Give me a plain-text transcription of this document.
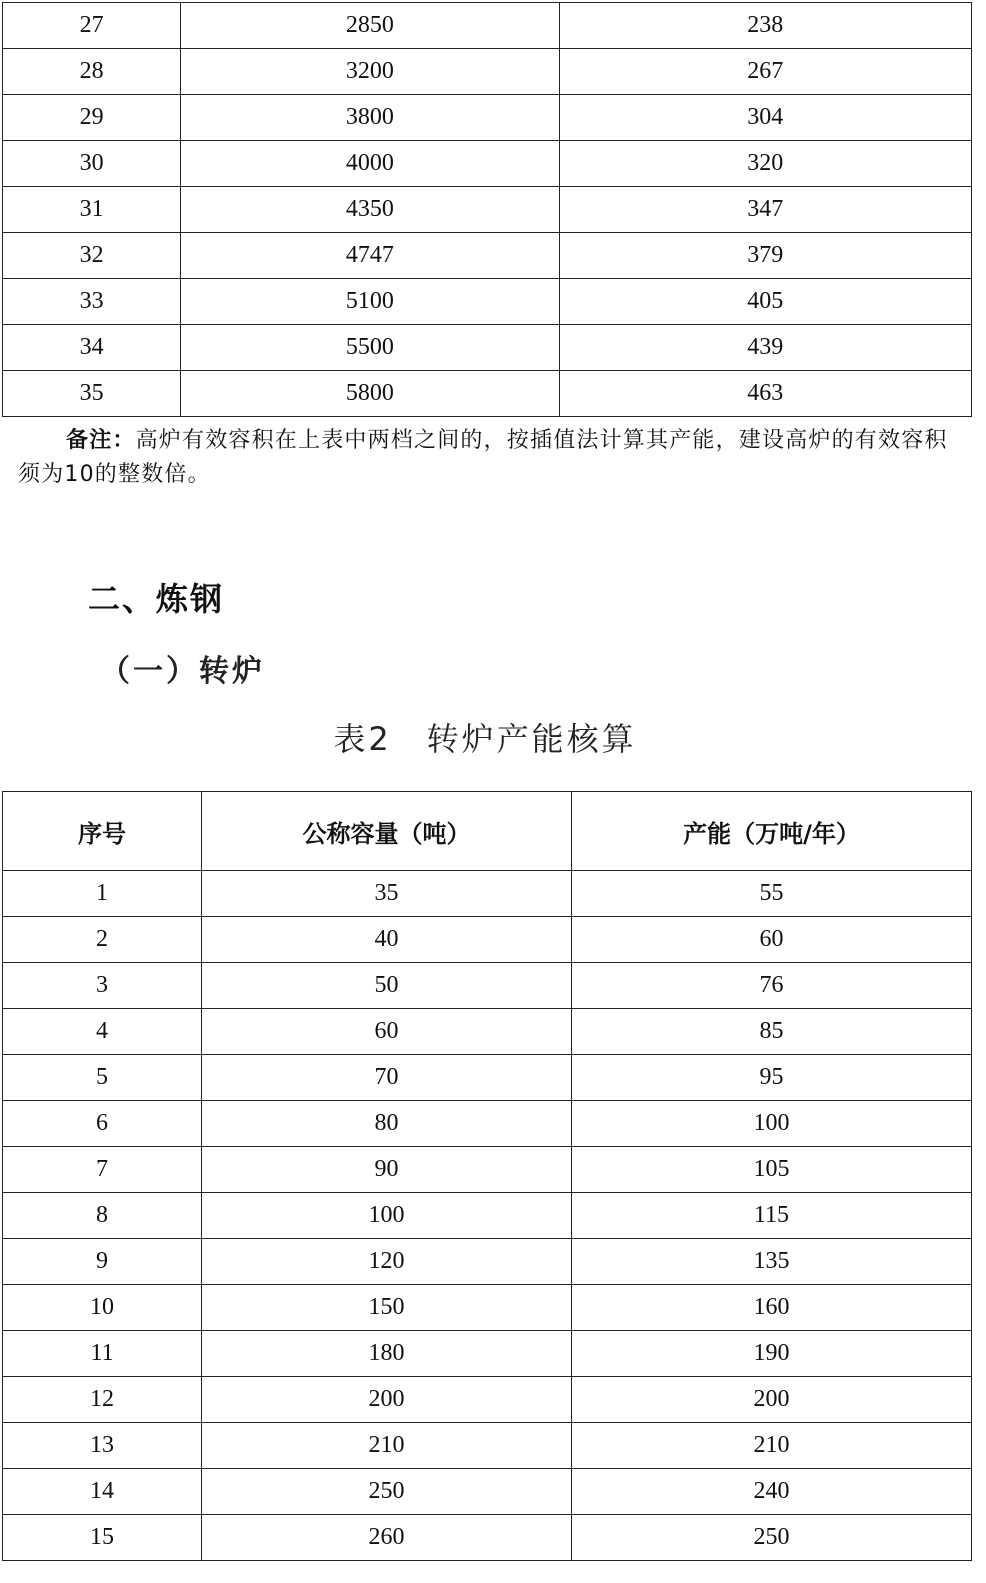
27	2850	238
28	3200	267
29	3800	304
30	4000	320
31	4350	347
32	4747	379
33	5100	405
34	5500	439
35	5800	463

备注：高炉有效容积在上表中两档之间的，按插值法计算其产能，建设高炉的有效容积须为10的整数倍。

二、炼钢
（一）转炉

表2　转炉产能核算

序号	公称容量（吨）	产能（万吨/年）
1	35	55
2	40	60
3	50	76
4	60	85
5	70	95
6	80	100
7	90	105
8	100	115
9	120	135
10	150	160
11	180	190
12	200	200
13	210	210
14	250	240
15	260	250
